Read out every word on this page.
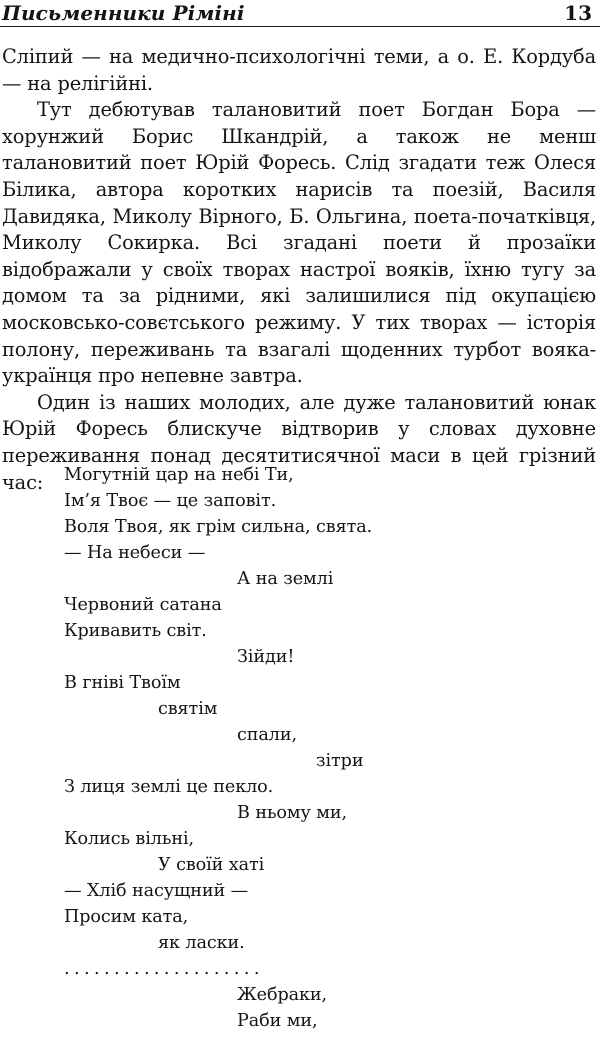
Письменники Ріміні	13

Сліпий — на медично-психологічні теми, а о. Е. Кордуба — на релігійні.

Тут дебютував талановитий поет Богдан Бора — хорунжий Борис Шкандрій, а також не менш талановитий поет Юрій Форесь. Слід згадати теж Олеся Білика, автора коротких нарисів та поезій, Василя Давидяка, Миколу Вірного, Б. Ольгина, поета-початківця, Миколу Сокирка. Всі згадані поети й прозаїки відображали у своїх творах настрої вояків, їхню тугу за домом та за рідними, які залишилися під окупацією московсько-совєтського режиму. У тих творах — історія полону, переживань та взагалі щоденних турбот вояка-українця про непевне завтра.

Один із наших молодих, але дуже талановитий юнак Юрій Форесь блискуче відтворив у словах духовне переживання понад десятитисячної маси в цей грізний час:	Могутній цар на небі Ти,
Ім’я Твоє — це заповіт.
Воля Твоя, як грім сильна, свята.
— На небеси —
А на землі
Червоний сатана
Кривавить світ.
Зійди!
В гніві Твоїм
святім
спали,
зітри
З лиця землі це пекло.
В ньому ми,
Колись вільні,
У своїй хаті
— Хліб насущний —
Просим ката,
як ласки.
....................
Жебраки,
Раби ми,
